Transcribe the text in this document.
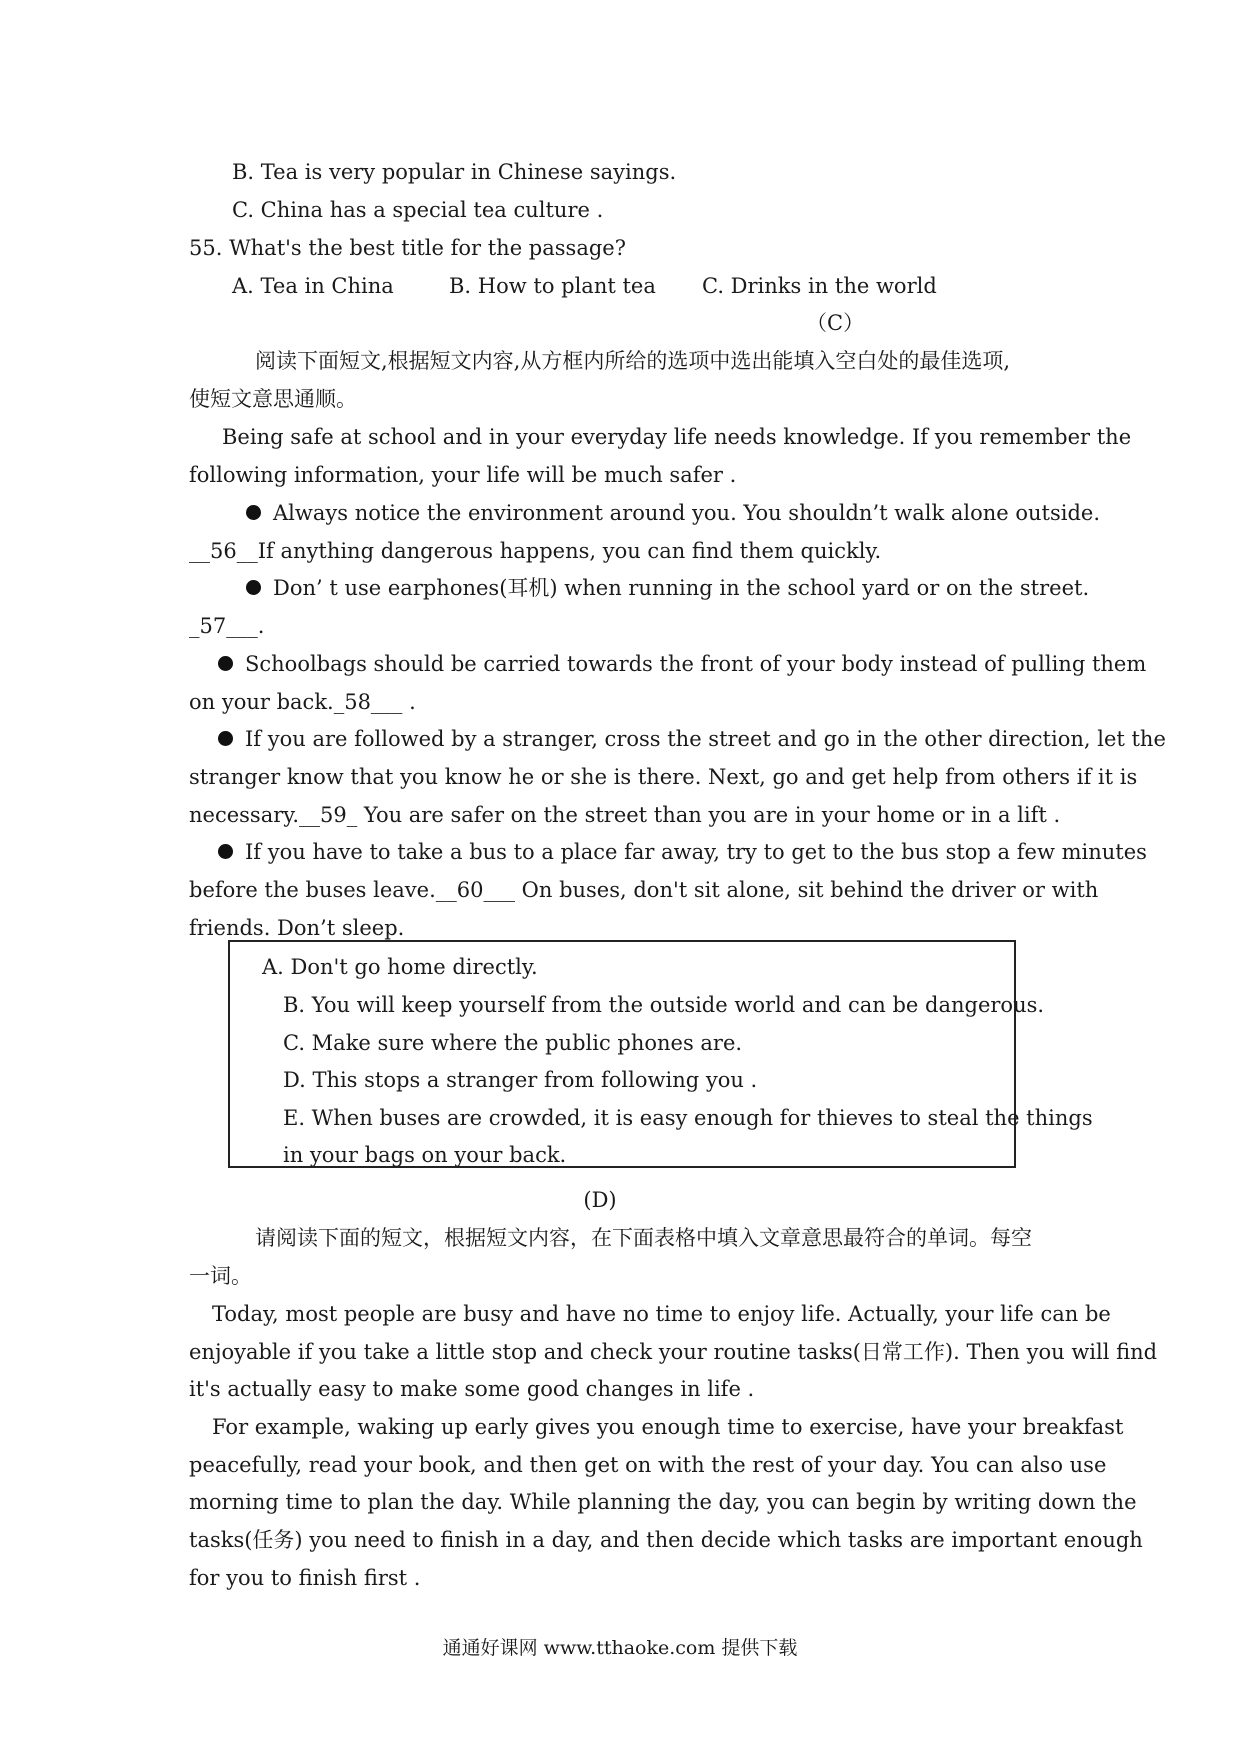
B. Tea is very popular in Chinese sayings.
C. China has a special tea culture .
55. What's the best title for the passage?
A. Tea in China	B. How to plant tea C. Drinks in the world
（C）
阅读下面短文,根据短文内容,从方框内所给的选项中选出能填入空白处的最佳选项,
使短文意思通顺。
Being safe at school and in your everyday life needs knowledge. If you remember the
following information, your life will be much safer .
Always notice the environment around you. You shouldn’t walk alone outside.
__56__If anything dangerous happens, you can find them quickly.
Don’ t use earphones(耳机) when running in the school yard or on the street.
_57___.
Schoolbags should be carried towards the front of your body instead of pulling them
on your back._58___ .
If you are followed by a stranger, cross the street and go in the other direction, let the
stranger know that you know he or she is there. Next, go and get help from others if it is
necessary.__59_ You are safer on the street than you are in your home or in a lift .
If you have to take a bus to a place far away, try to get to the bus stop a few minutes
before the buses leave.__60___ On buses, don't sit alone, sit behind the driver or with
friends. Don’t sleep.
A. Don't go home directly.
B. You will keep yourself from the outside world and can be dangerous.
C. Make sure where the public phones are.
D. This stops a stranger from following you .
E. When buses are crowded, it is easy enough for thieves to steal the things
in your bags on your back.
(D)
请阅读下面的短文，根据短文内容，在下面表格中填入文章意思最符合的单词。每空
一词。
Today, most people are busy and have no time to enjoy life. Actually, your life can be
enjoyable if you take a little stop and check your routine tasks(日常工作). Then you will find
it's actually easy to make some good changes in life .
For example, waking up early gives you enough time to exercise, have your breakfast
peacefully, read your book, and then get on with the rest of your day. You can also use
morning time to plan the day. While planning the day, you can begin by writing down the
tasks(任务) you need to finish in a day, and then decide which tasks are important enough
for you to finish first .
通通好课网 www.tthaoke.com 提供下载
